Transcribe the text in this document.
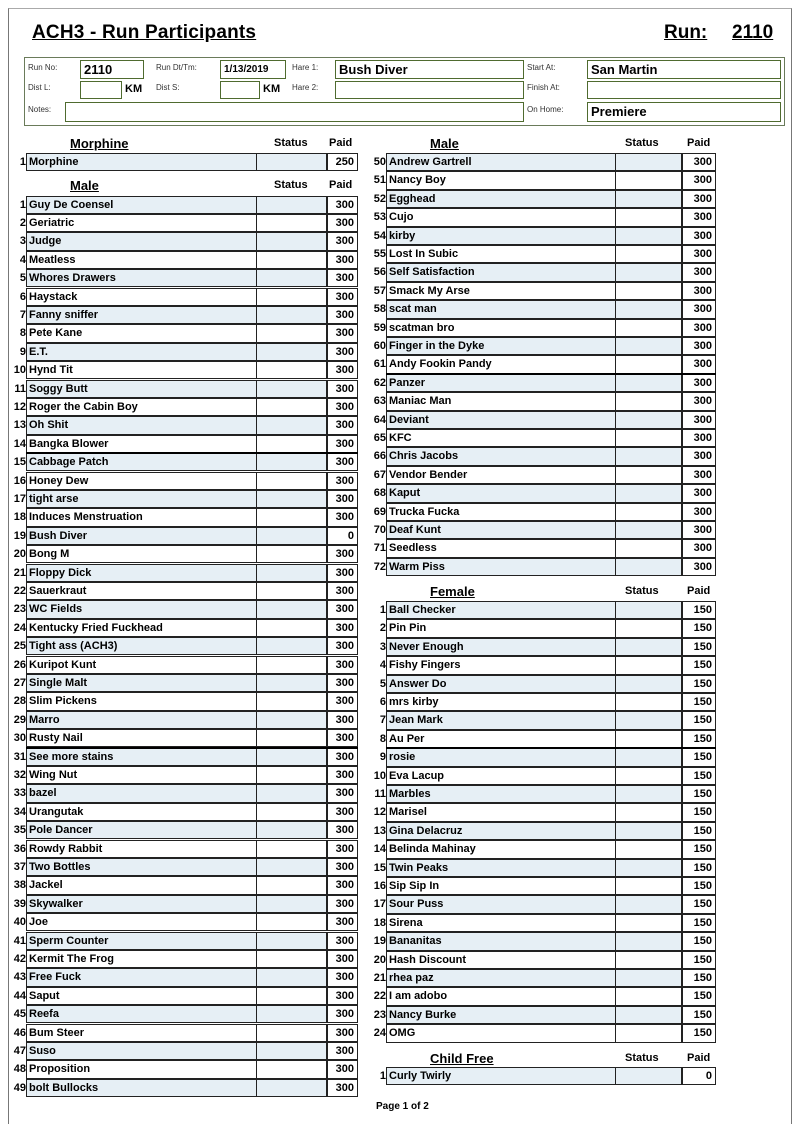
ACH3 - Run Participants	Run: 2110
Run No:	2110	Run Dt/Tm:	1/13/2019	Hare 1:	Bush Diver	Start At:	San Martin
Dist L:	KM Dist S:	KM Hare 2:	Finish At:
Notes:	On Home:	Premiere
Morphine	Status Paid
1 Morphine	250
Male	Status Paid
1 Guy De Coensel	300
2 Geriatric	300
3 Judge	300
4 Meatless	300
5 Whores Drawers	300
6 Haystack	300
7 Fanny sniffer	300
8 Pete Kane	300
9 E.T.	300
10 Hynd Tit	300
11 Soggy Butt	300
12 Roger the Cabin Boy	300
13 Oh Shit	300
14 Bangka Blower	300
15 Cabbage Patch	300
16 Honey Dew	300
17 tight arse	300
18 Induces Menstruation	300
19 Bush Diver	0
20 Bong M	300
21 Floppy Dick	300
22 Sauerkraut	300
23 WC Fields	300
24 Kentucky Fried Fuckhead	300
25 Tight ass (ACH3)	300
26 Kuripot Kunt	300
27 Single Malt	300
28 Slim Pickens	300
29 Marro	300
30 Rusty Nail	300
31 See more stains	300
32 Wing Nut	300
33 bazel	300
34 Urangutak	300
35 Pole Dancer	300
36 Rowdy Rabbit	300
37 Two Bottles	300
38 Jackel	300
39 Skywalker	300
40 Joe	300
41 Sperm Counter	300
42 Kermit The Frog	300
43 Free Fuck	300
44 Saput	300
45 Reefa	300
46 Bum Steer	300
47 Suso	300
48 Proposition	300
49 bolt Bullocks	300
Male	Status	Paid
50 Andrew Gartrell	300
51 Nancy Boy	300
52 Egghead	300
53 Cujo	300
54 kirby	300
55 Lost In Subic	300
56 Self Satisfaction	300
57 Smack My Arse	300
58 scat man	300
59 scatman bro	300
60 Finger in the Dyke	300
61 Andy Fookin Pandy	300
62 Panzer	300
63 Maniac Man	300
64 Deviant	300
65 KFC	300
66 Chris Jacobs	300
67 Vendor Bender	300
68 Kaput	300
69 Trucka Fucka	300
70 Deaf Kunt	300
71 Seedless	300
72 Warm Piss	300
Female	Status	Paid
1 Ball Checker	150
2 Pin Pin	150
3 Never Enough	150
4 Fishy Fingers	150
5 Answer Do	150
6 mrs kirby	150
7 Jean Mark	150
8 Au Per	150
9 rosie	150
10 Eva Lacup	150
11 Marbles	150
12 Marisel	150
13 Gina Delacruz	150
14 Belinda Mahinay	150
15 Twin Peaks	150
16 Sip Sip In	150
17 Sour Puss	150
18 Sirena	150
19 Bananitas	150
20 Hash Discount	150
21 rhea paz	150
22 I am adobo	150
23 Nancy Burke	150
24 OMG	150
Child Free	Status	Paid
1 Curly Twirly	0
Page 1 of 2
